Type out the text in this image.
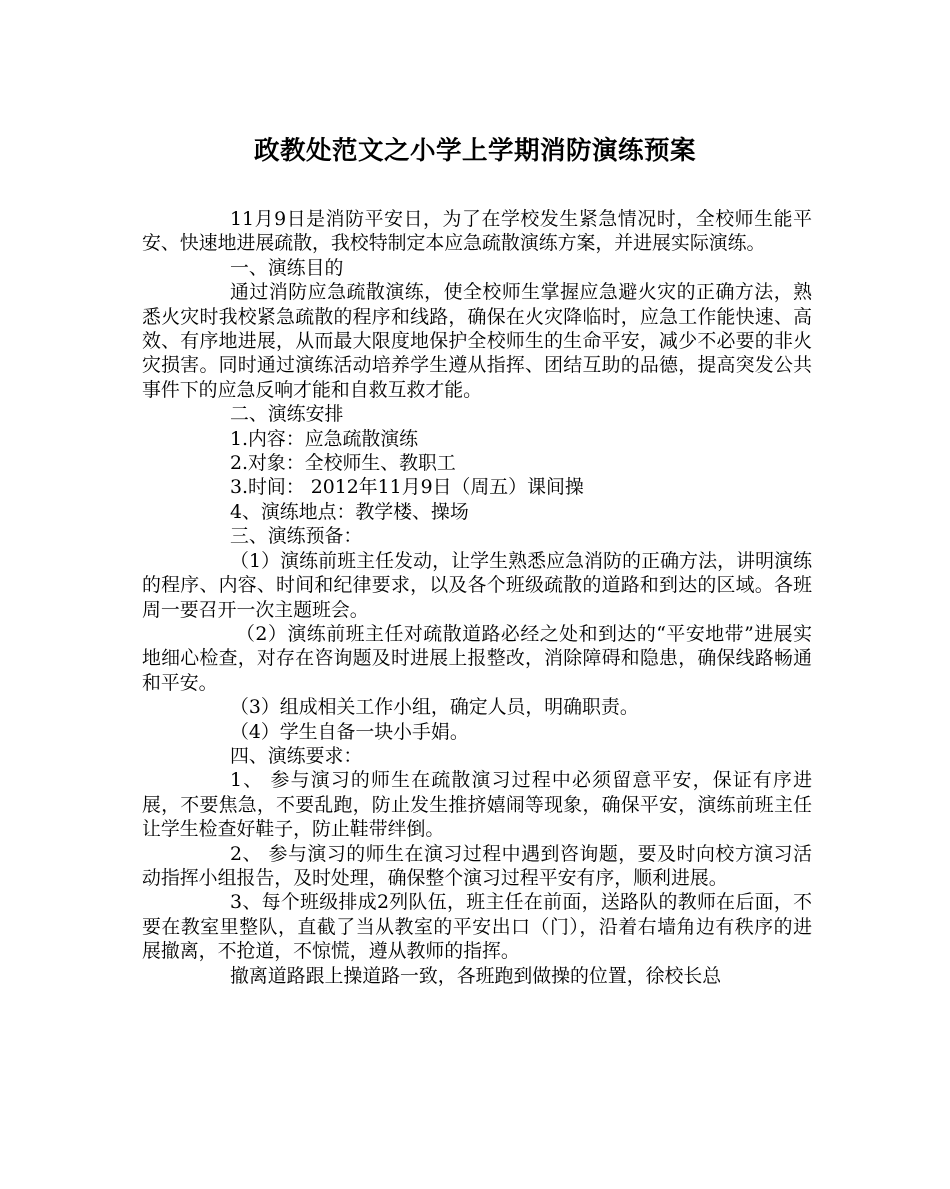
政教处范文之小学上学期消防演练预案

11月9日是消防平安日，为了在学校发生紧急情况时，全校师生能平安、快速地进展疏散，我校特制定本应急疏散演练方案，并进展实际演练。

一、演练目的

通过消防应急疏散演练，使全校师生掌握应急避火灾的正确方法，熟悉火灾时我校紧急疏散的程序和线路，确保在火灾降临时，应急工作能快速、高效、有序地进展，从而最大限度地保护全校师生的生命平安，减少不必要的非火灾损害。同时通过演练活动培养学生遵从指挥、团结互助的品德，提高突发公共事件下的应急反响才能和自救互救才能。

二、演练安排

1.内容：应急疏散演练

2.对象：全校师生、教职工

3.时间： 2012年11月9日（周五）课间操

4、演练地点：教学楼、操场

三、演练预备：

（1）演练前班主任发动，让学生熟悉应急消防的正确方法，讲明演练的程序、内容、时间和纪律要求，以及各个班级疏散的道路和到达的区域。各班周一要召开一次主题班会。

（2）演练前班主任对疏散道路必经之处和到达的“平安地带”进展实地细心检查，对存在咨询题及时进展上报整改，消除障碍和隐患，确保线路畅通和平安。

（3）组成相关工作小组，确定人员，明确职责。

（4）学生自备一块小手娟。

四、演练要求：

1、 参与演习的师生在疏散演习过程中必须留意平安，保证有序进展，不要焦急，不要乱跑，防止发生推挤嬉闹等现象，确保平安，演练前班主任让学生检查好鞋子，防止鞋带绊倒。

2、 参与演习的师生在演习过程中遇到咨询题，要及时向校方演习活动指挥小组报告，及时处理，确保整个演习过程平安有序，顺利进展。

3、每个班级排成2列队伍，班主任在前面，送路队的教师在后面，不要在教室里整队，直截了当从教室的平安出口（门），沿着右墙角边有秩序的进展撤离，不抢道，不惊慌，遵从教师的指挥。

撤离道路跟上操道路一致，各班跑到做操的位置，徐校长总
